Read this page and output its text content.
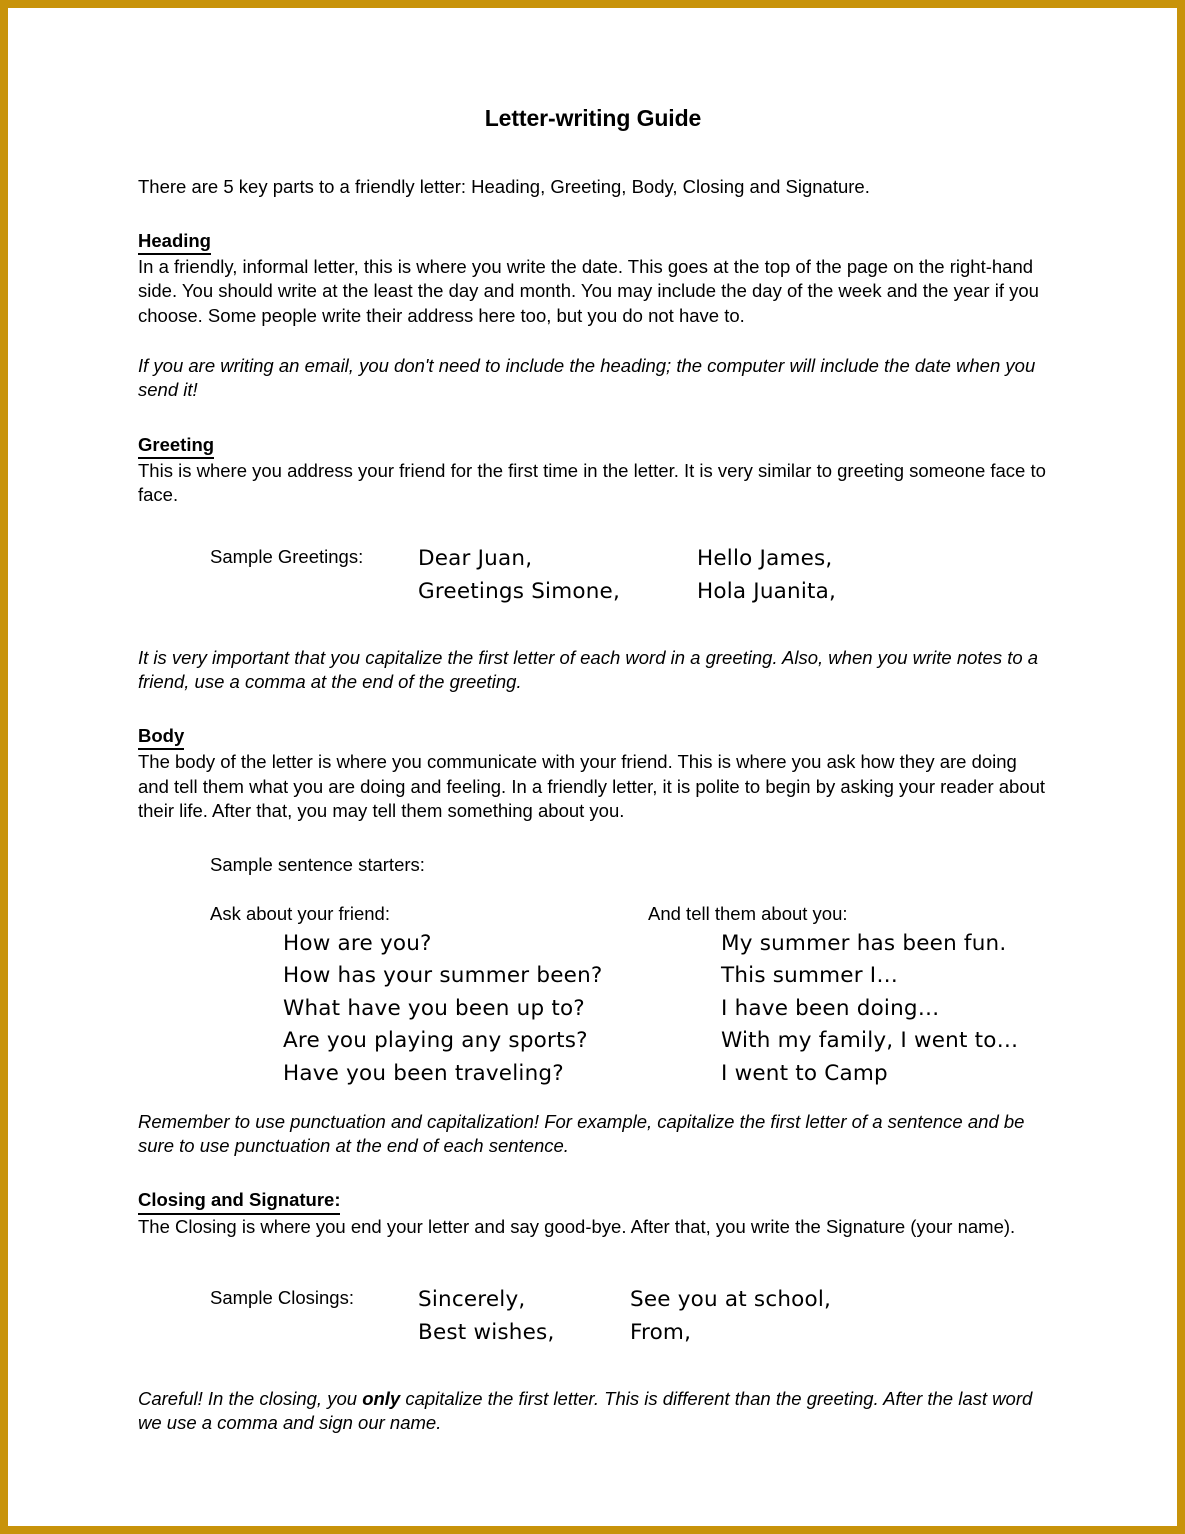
Letter-writing Guide

There are 5 key parts to a friendly letter: Heading, Greeting, Body, Closing and Signature.

Heading

In a friendly, informal letter, this is where you write the date. This goes at the top of the page on the right-hand side. You should write at the least the day and month. You may include the day of the week and the year if you choose. Some people write their address here too, but you do not have to.

If you are writing an email, you don't need to include the heading; the computer will include the date when you send it!

Greeting

This is where you address your friend for the first time in the letter. It is very similar to greeting someone face to face.

Sample Greetings:	Dear Juan,
Greetings Simone,
Hello James,
Hola Juanita,

It is very important that you capitalize the first letter of each word in a greeting. Also, when you write notes to a friend, use a comma at the end of the greeting.

Body

The body of the letter is where you communicate with your friend. This is where you ask how they are doing and tell them what you are doing and feeling. In a friendly letter, it is polite to begin by asking your reader about their life. After that, you may tell them something about you.

Sample sentence starters:
Ask about your friend:
How are you?
How has your summer been?
What have you been up to?
Are you playing any sports?
Have you been traveling?
And tell them about you:
My summer has been fun.
This summer I…
I have been doing…
With my family, I went to…
I went to Camp

Remember to use punctuation and capitalization! For example, capitalize the first letter of a sentence and be sure to use punctuation at the end of each sentence.

Closing and Signature:

The Closing is where you end your letter and say good-bye. After that, you write the Signature (your name).

Sample Closings:	Sincerely,
Best wishes,
See you at school,
From,

Careful! In the closing, you only capitalize the first letter. This is different than the greeting. After the last word we use a comma and sign our name.
